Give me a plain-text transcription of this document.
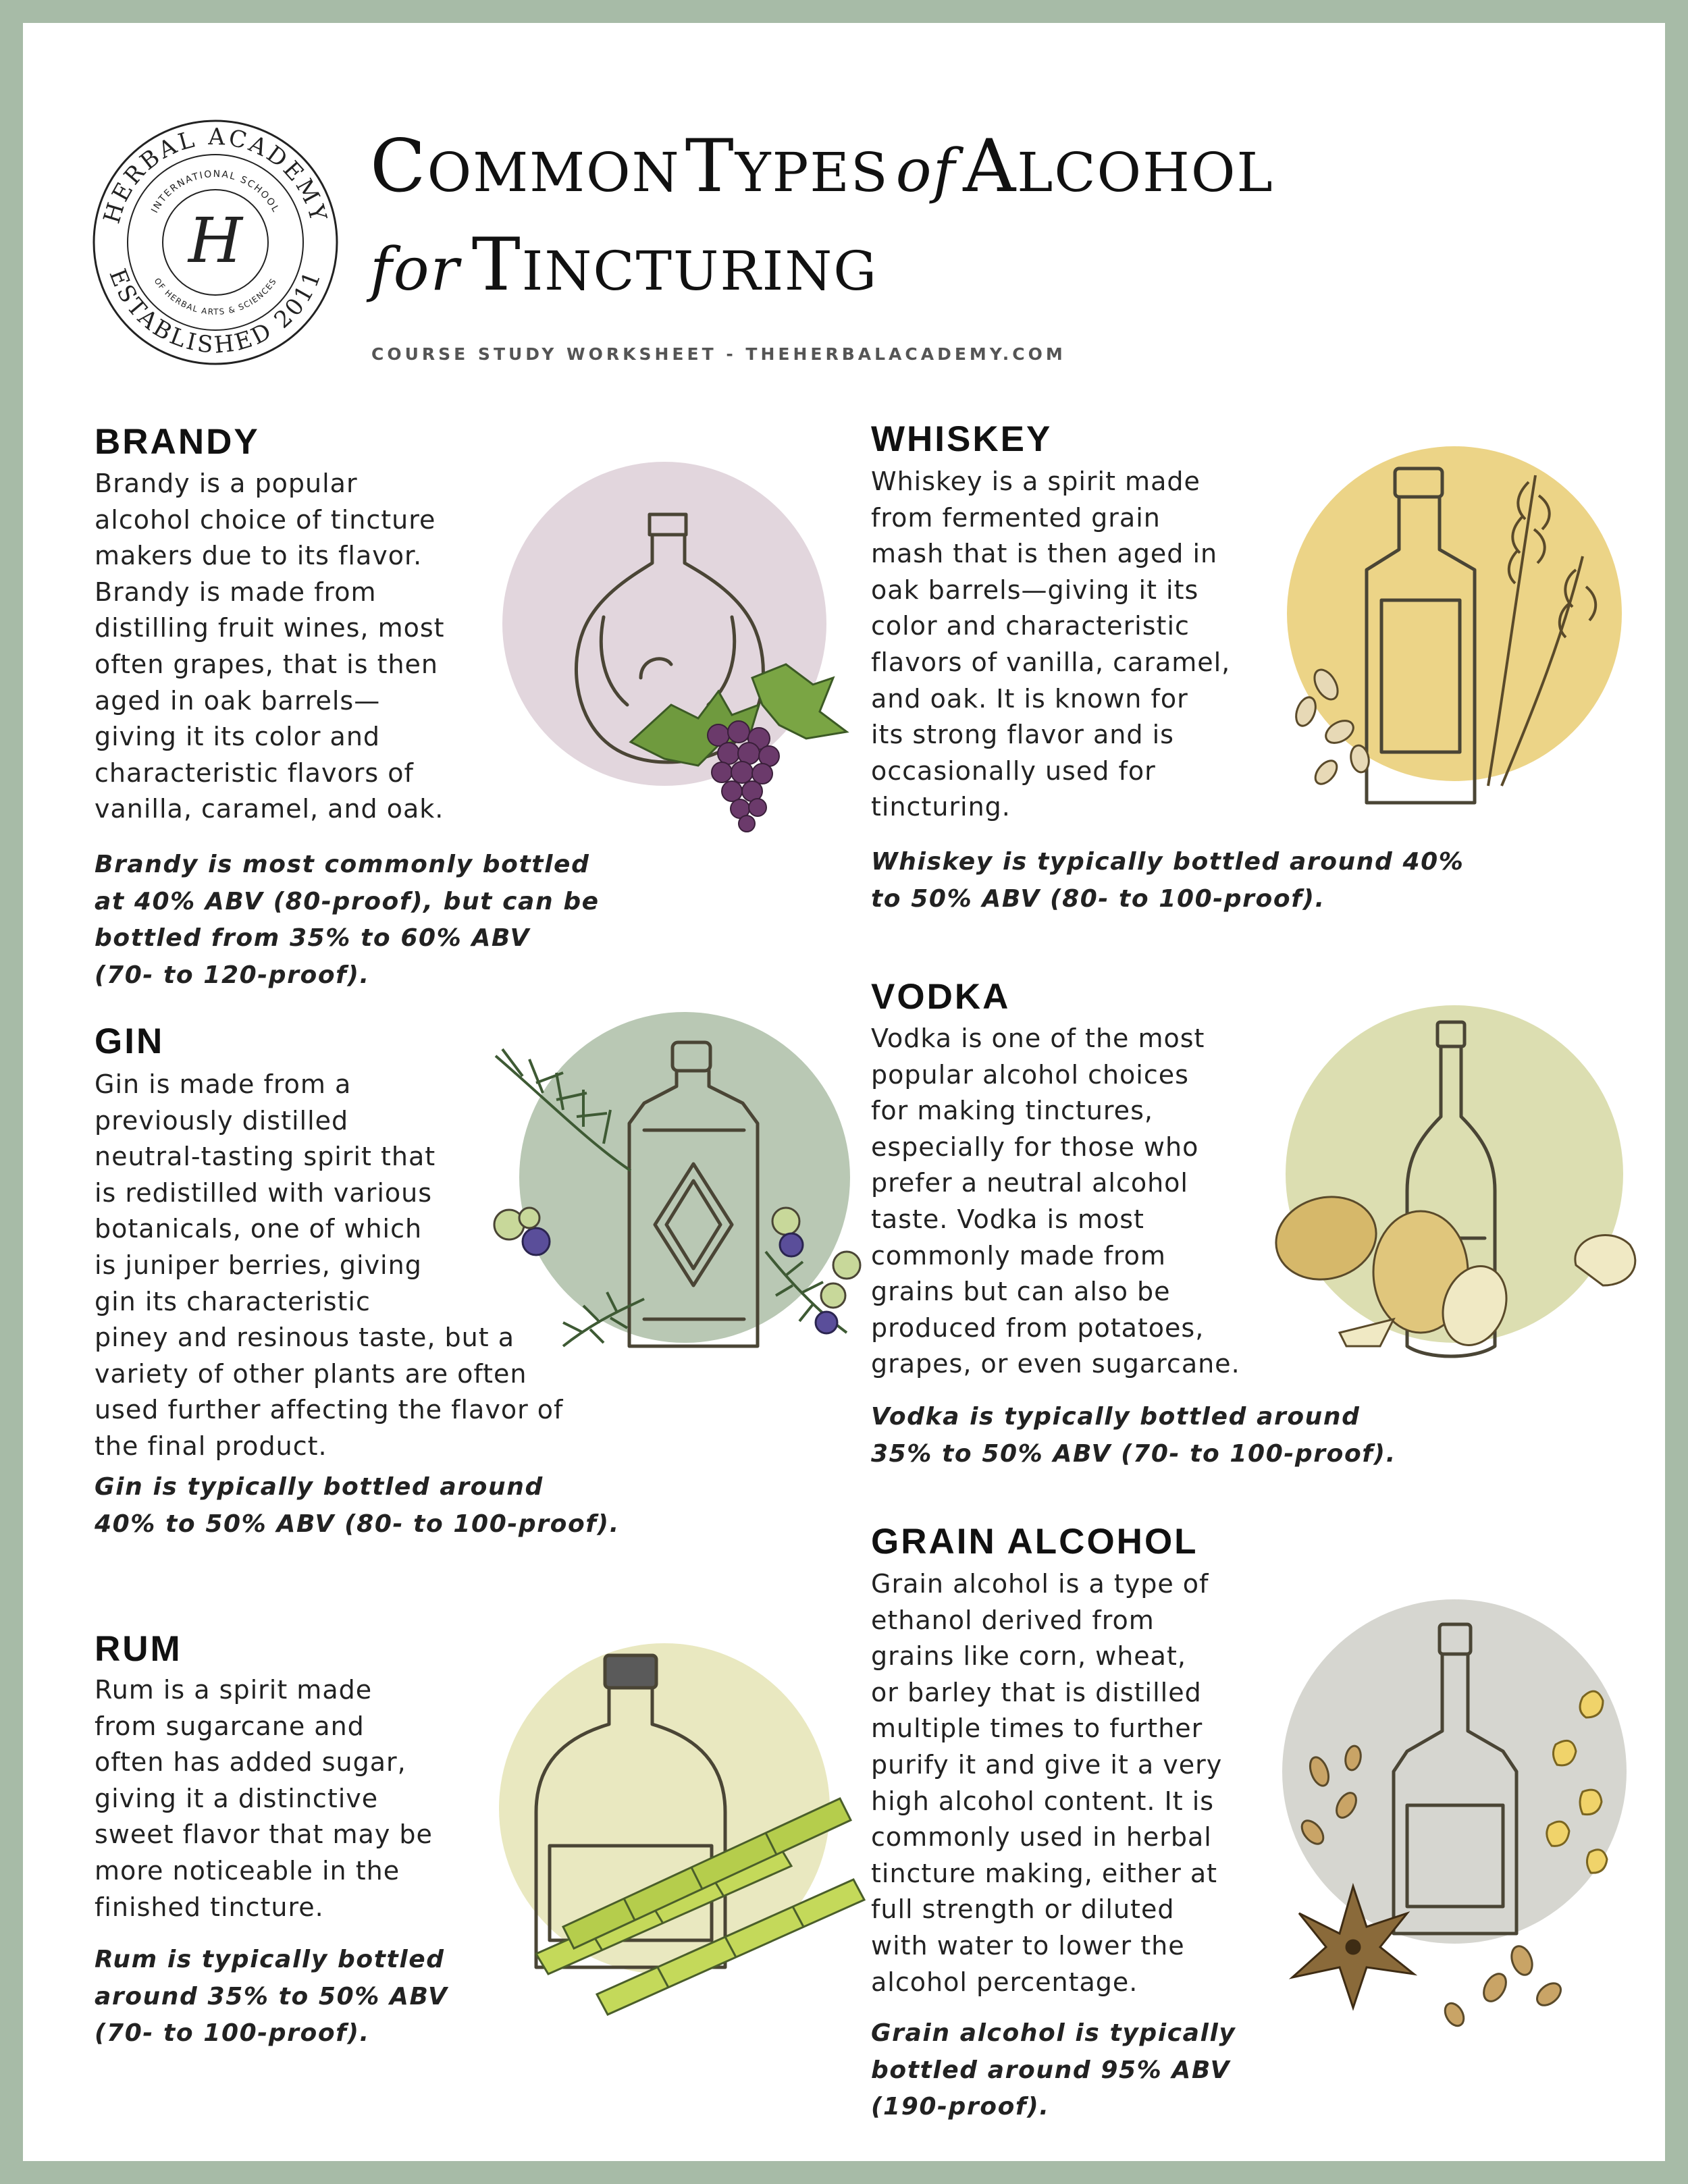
HERBAL ACADEMY
ESTABLISHED 2011
INTERNATIONAL SCHOOL
OF HERBAL ARTS & SCIENCES
H
COMMON TYPES ofALCOHOL
for TINCTURING
COURSE STUDY WORKSHEET - THEHERBALACADEMY.COM
BRANDY
Brandy is a popular
alcohol choice of tincture
makers due to its flavor.
Brandy is made from
distilling fruit wines, most
often grapes, that is then
aged in oak barrels—
giving it its color and
characteristic flavors of
vanilla, caramel, and oak.
Brandy is most commonly bottled
at 40% ABV (80-proof), but can be
bottled from 35% to 60% ABV
(70- to 120-proof).
GIN
Gin is made from a
previously distilled
neutral-tasting spirit that
is redistilled with various
botanicals, one of which
is juniper berries, giving
gin its characteristic
piney and resinous taste, but a
variety of other plants are often
used further affecting the flavor of
the final product.
Gin is typically bottled around
40% to 50% ABV (80- to 100-proof).
RUM
Rum is a spirit made
from sugarcane and
often has added sugar,
giving it a distinctive
sweet flavor that may be
more noticeable in the
finished tincture.
Rum is typically bottled
around 35% to 50% ABV
(70- to 100-proof).
WHISKEY
Whiskey is a spirit made
from fermented grain
mash that is then aged in
oak barrels—giving it its
color and characteristic
flavors of vanilla, caramel,
and oak. It is known for
its strong flavor and is
occasionally used for
tincturing.
Whiskey is typically bottled around 40%
to 50% ABV (80- to 100-proof).
VODKA
Vodka is one of the most
popular alcohol choices
for making tinctures,
especially for those who
prefer a neutral alcohol
taste. Vodka is most
commonly made from
grains but can also be
produced from potatoes,
grapes, or even sugarcane.
Vodka is typically bottled around
35% to 50% ABV (70- to 100-proof).
GRAIN ALCOHOL
Grain alcohol is a type of
ethanol derived from
grains like corn, wheat,
or barley that is distilled
multiple times to further
purify it and give it a very
high alcohol content. It is
commonly used in herbal
tincture making, either at
full strength or diluted
with water to lower the
alcohol percentage.
Grain alcohol is typically
bottled around 95% ABV
(190-proof).
